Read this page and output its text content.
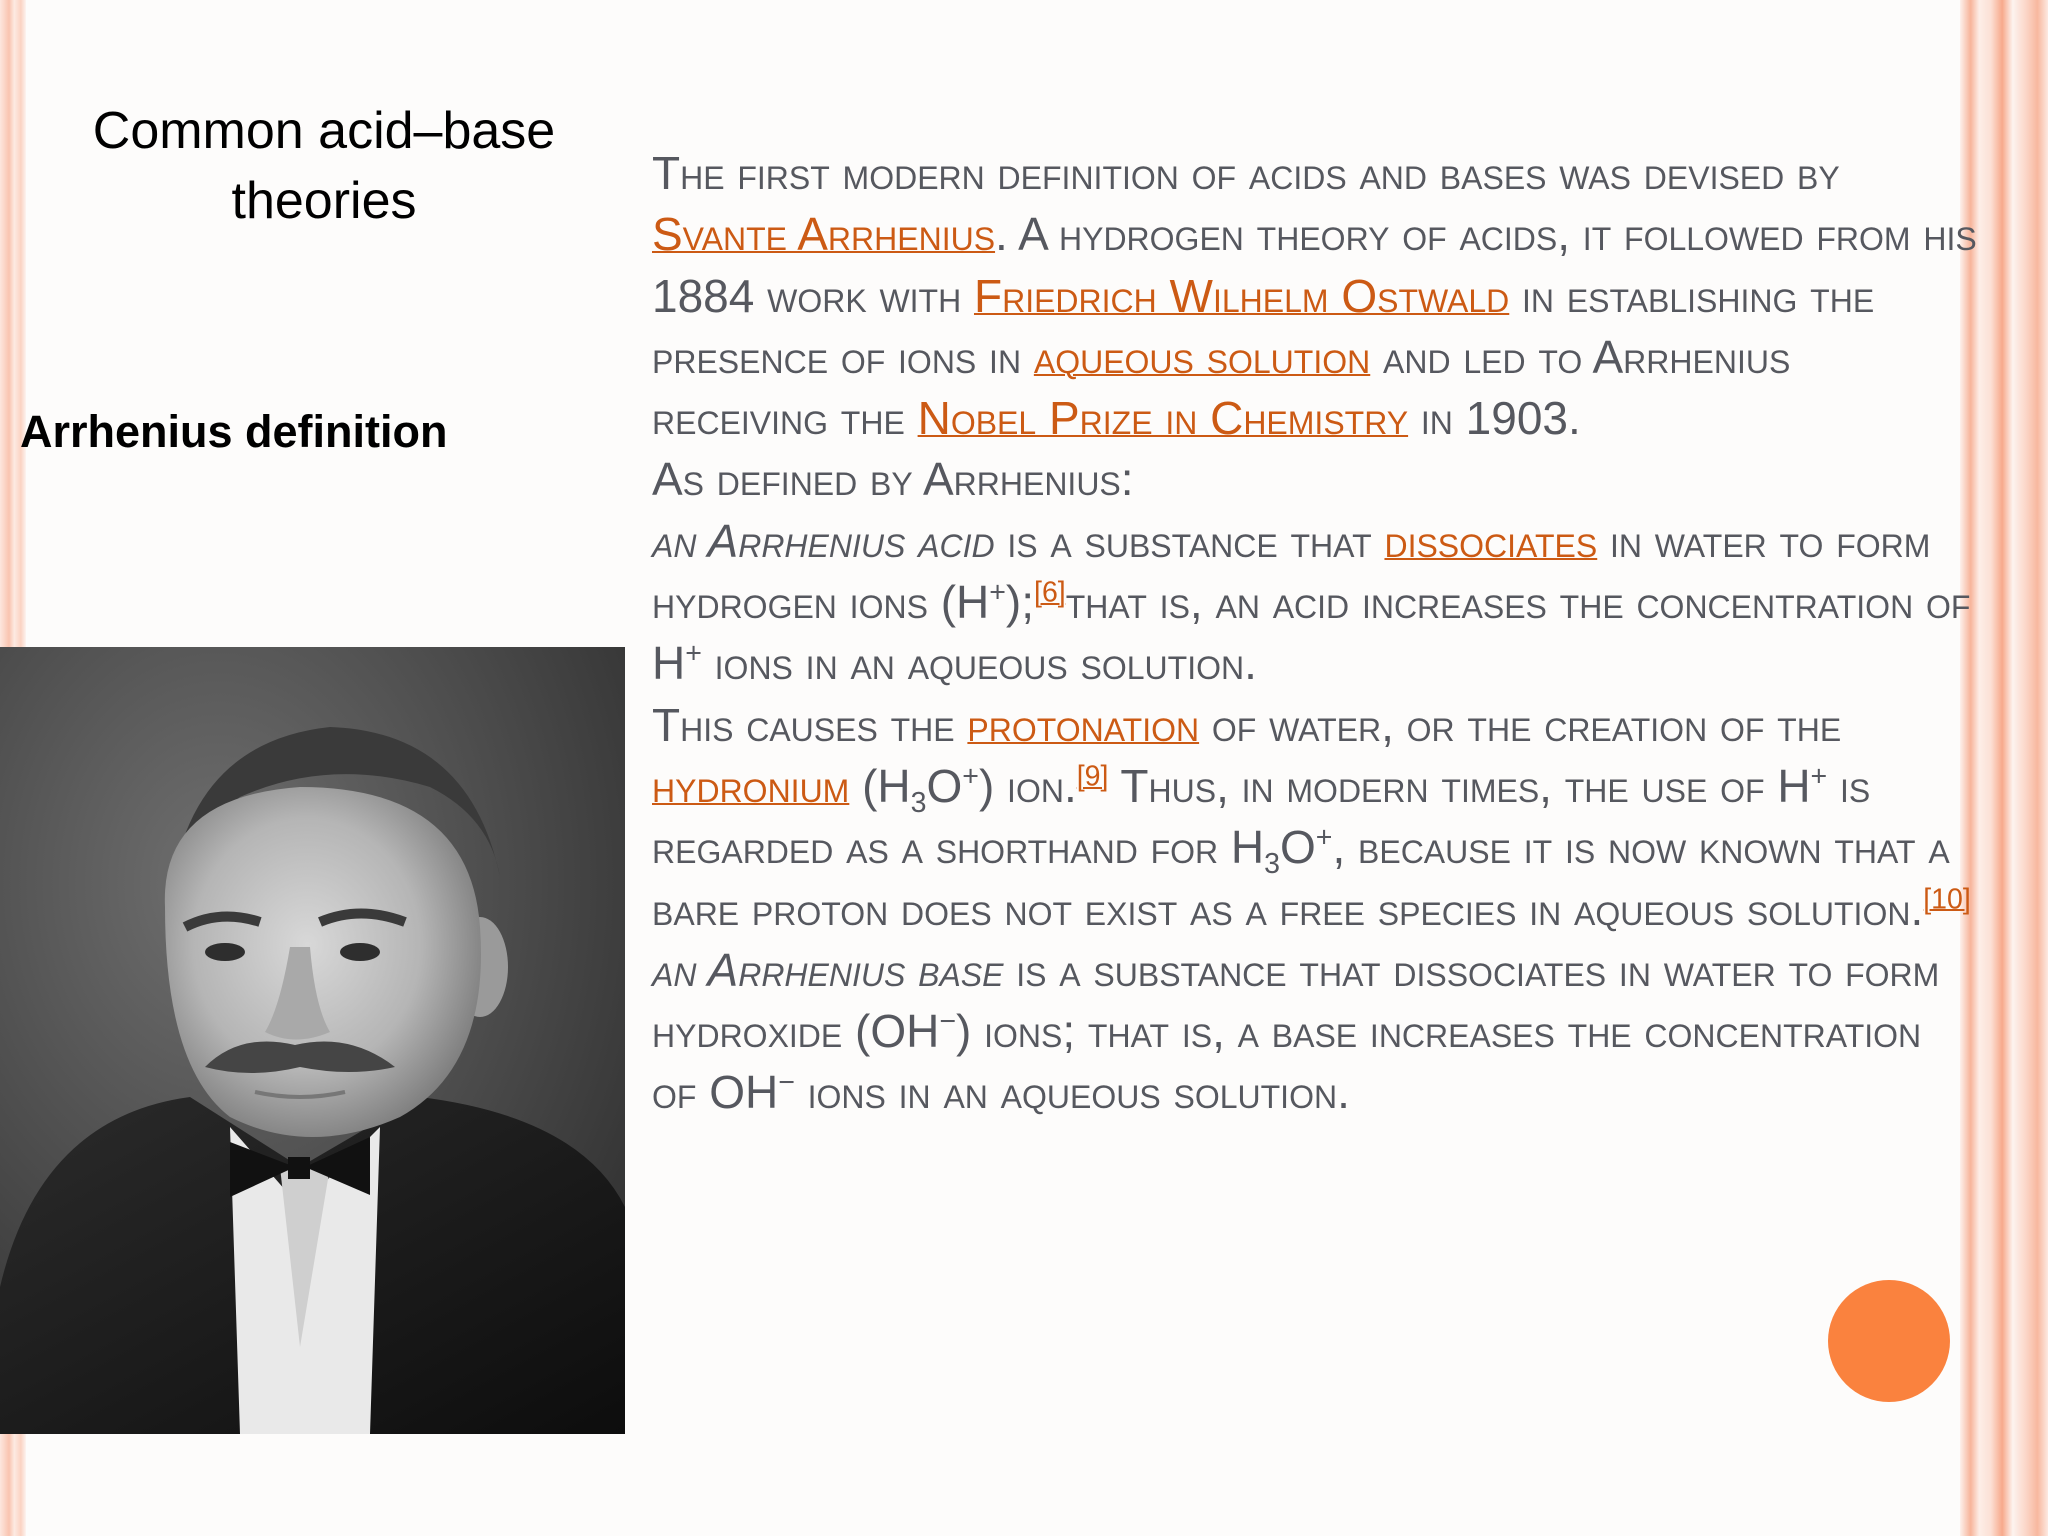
Common acid–base theories
Arrhenius definition
The first modern definition of acids and bases was devised by Svante Arrhenius. A hydrogen theory of acids, it followed from his 1884 work with Friedrich Wilhelm Ostwald in establishing the presence of ions in aqueous solution and led to Arrhenius receiving the Nobel Prize in Chemistry in 1903.
As defined by Arrhenius:
an Arrhenius acid is a substance that dissociates in water to form hydrogen ions (H+);[6]that is, an acid increases the concentration of H+ ions in an aqueous solution.
This causes the protonation of water, or the creation of the hydronium $(H_3O^+)$ ion.[9] Thus, in modern times, the use of H+ is regarded as a shorthand for $H_3O^+$, because it is now known that a bare proton does not exist as a free species in aqueous solution.[10]
an Arrhenius base is a substance that dissociates in water to form hydroxide (OH−) ions; that is, a base increases the concentration of OH− ions in an aqueous solution.
